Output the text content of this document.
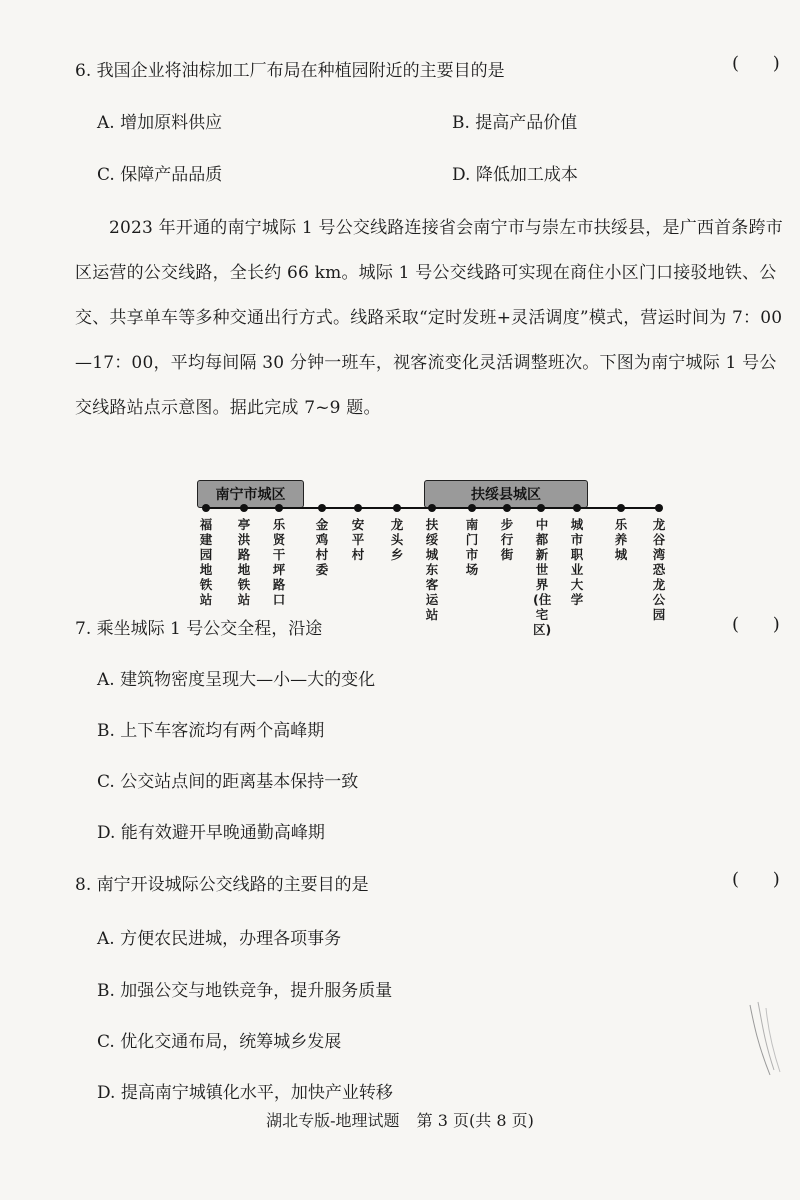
6. 我国企业将油棕加工厂布局在种植园附近的主要目的是	( )
A. 增加原料供应	B. 提高产品价值
C. 保障产品品质	D. 降低加工成本
2023 年开通的南宁城际 1 号公交线路连接省会南宁市与崇左市扶绥县，是广西首条跨市区运营的公交线路，全长约 66 km。城际 1 号公交线路可实现在商住小区门口接驳地铁、公交、共享单车等多种交通出行方式。线路采取“定时发班+灵活调度”模式，营运时间为 7：00—17：00，平均每间隔 30 分钟一班车，视客流变化灵活调整班次。下图为南宁城际 1 号公交线路站点示意图。据此完成 7~9 题。
南宁市城区	扶绥县城区
福建园地铁站
亭洪路地铁站
乐贤干坪路口
金鸡村委
安平村
龙头乡
扶绥城东客运站
南门市场
步行街
中都新世界(住宅区)
城市职业大学
乐养城
龙谷湾恐龙公园
7. 乘坐城际 1 号公交全程，沿途	( )
A. 建筑物密度呈现大—小—大的变化
B. 上下车客流均有两个高峰期
C. 公交站点间的距离基本保持一致
D. 能有效避开早晚通勤高峰期
8. 南宁开设城际公交线路的主要目的是	( )
A. 方便农民进城，办理各项事务
B. 加强公交与地铁竞争，提升服务质量
C. 优化交通布局，统筹城乡发展
D. 提高南宁城镇化水平，加快产业转移
湖北专版-地理试题 第 3 页(共 8 页)
